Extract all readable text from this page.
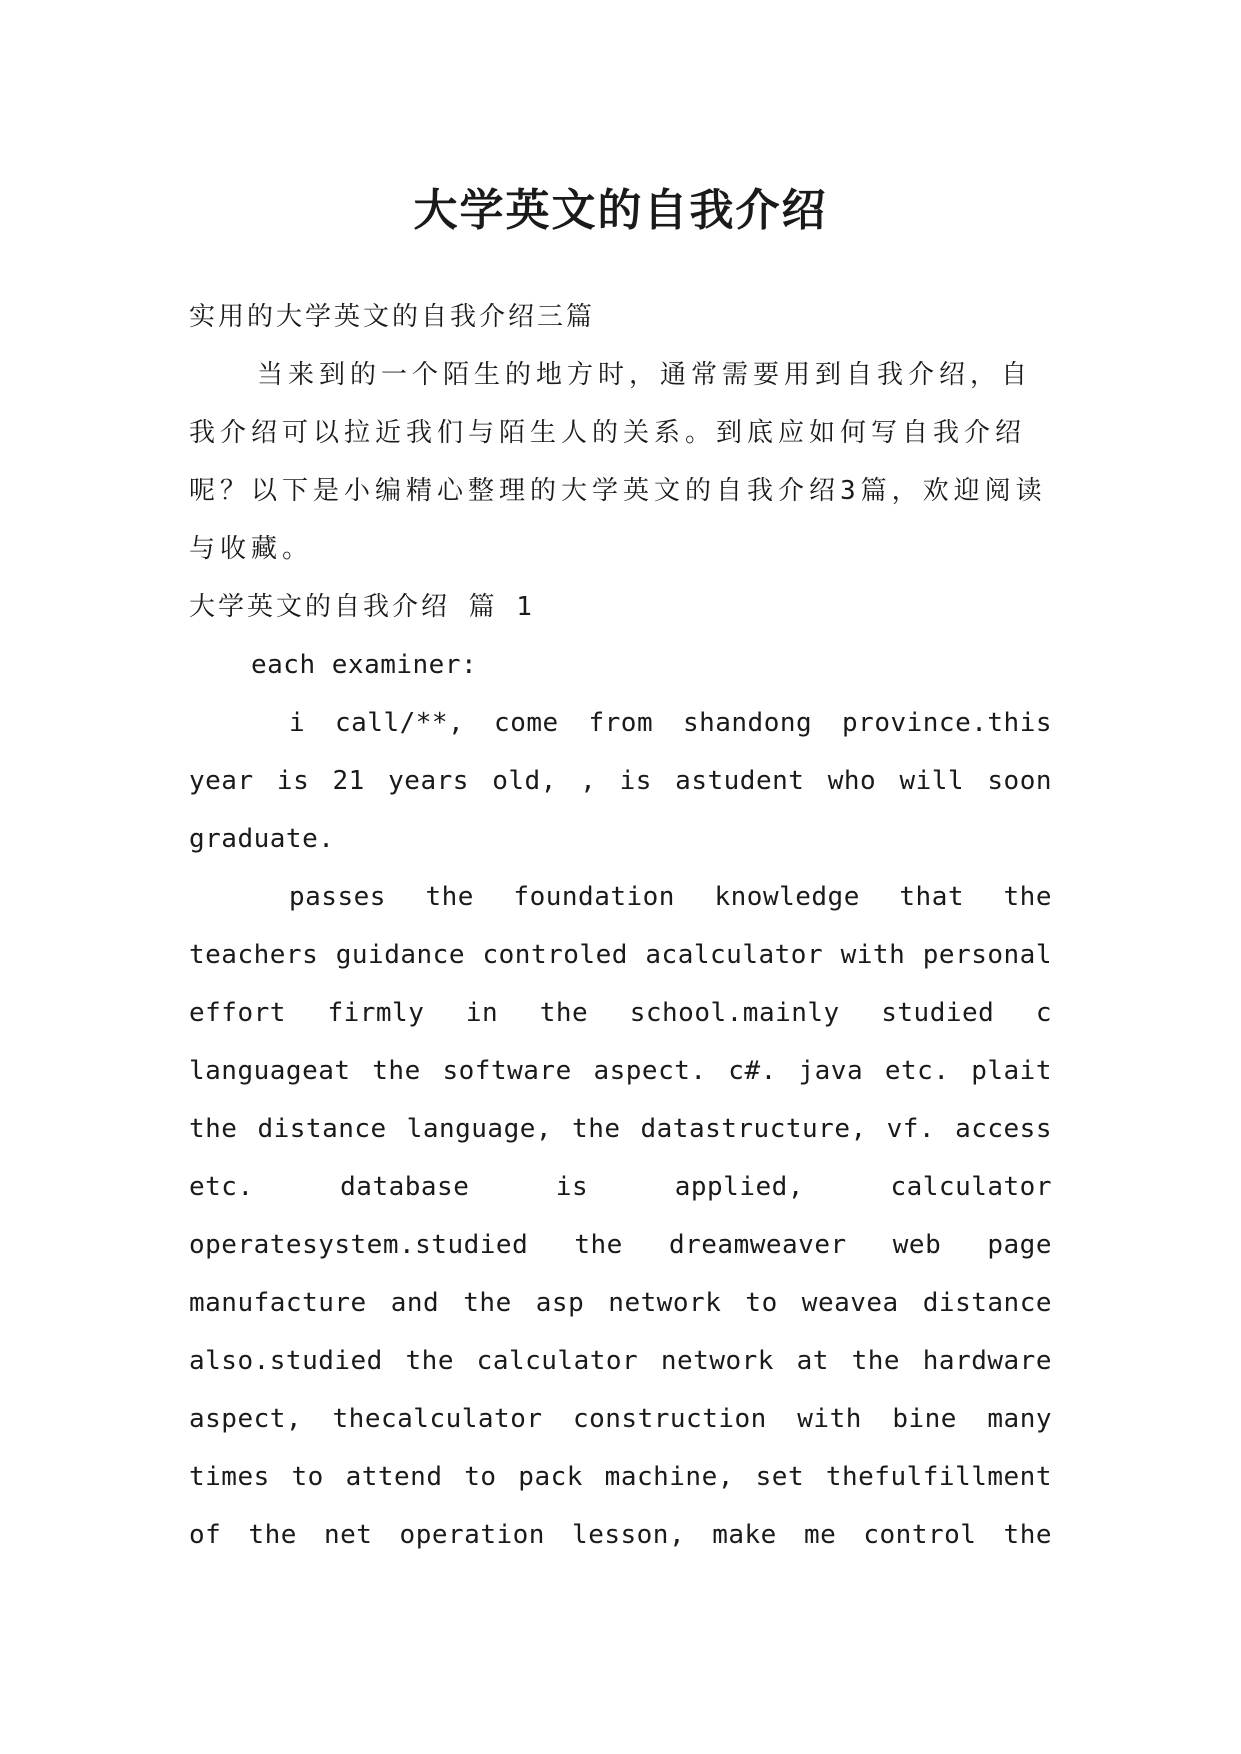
大学英文的自我介绍

实用的大学英文的自我介绍三篇

当来到的一个陌生的地方时，通常需要用到自我介绍，自我介绍可以拉近我们与陌生人的关系。到底应如何写自我介绍呢？以下是小编精心整理的大学英文的自我介绍3篇，欢迎阅读与收藏。

大学英文的自我介绍 篇 1

each examiner:

i call/**, come from shandong province.this year is 21 years old, , is astudent who will soon graduate.

passes the foundation knowledge that the teachers guidance controled acalculator with personal effort firmly in the school.mainly studied c languageat the software aspect. c#. java etc. plait the distance language, the datastructure, vf. access etc. database is applied, calculator operatesystem.studied the dreamweaver web page manufacture and the asp network to weavea distance also.studied the calculator network at the hardware aspect, thecalculator construction with bine many times to attend to pack machine, set thefulfillment of the net operation lesson, make me control the
